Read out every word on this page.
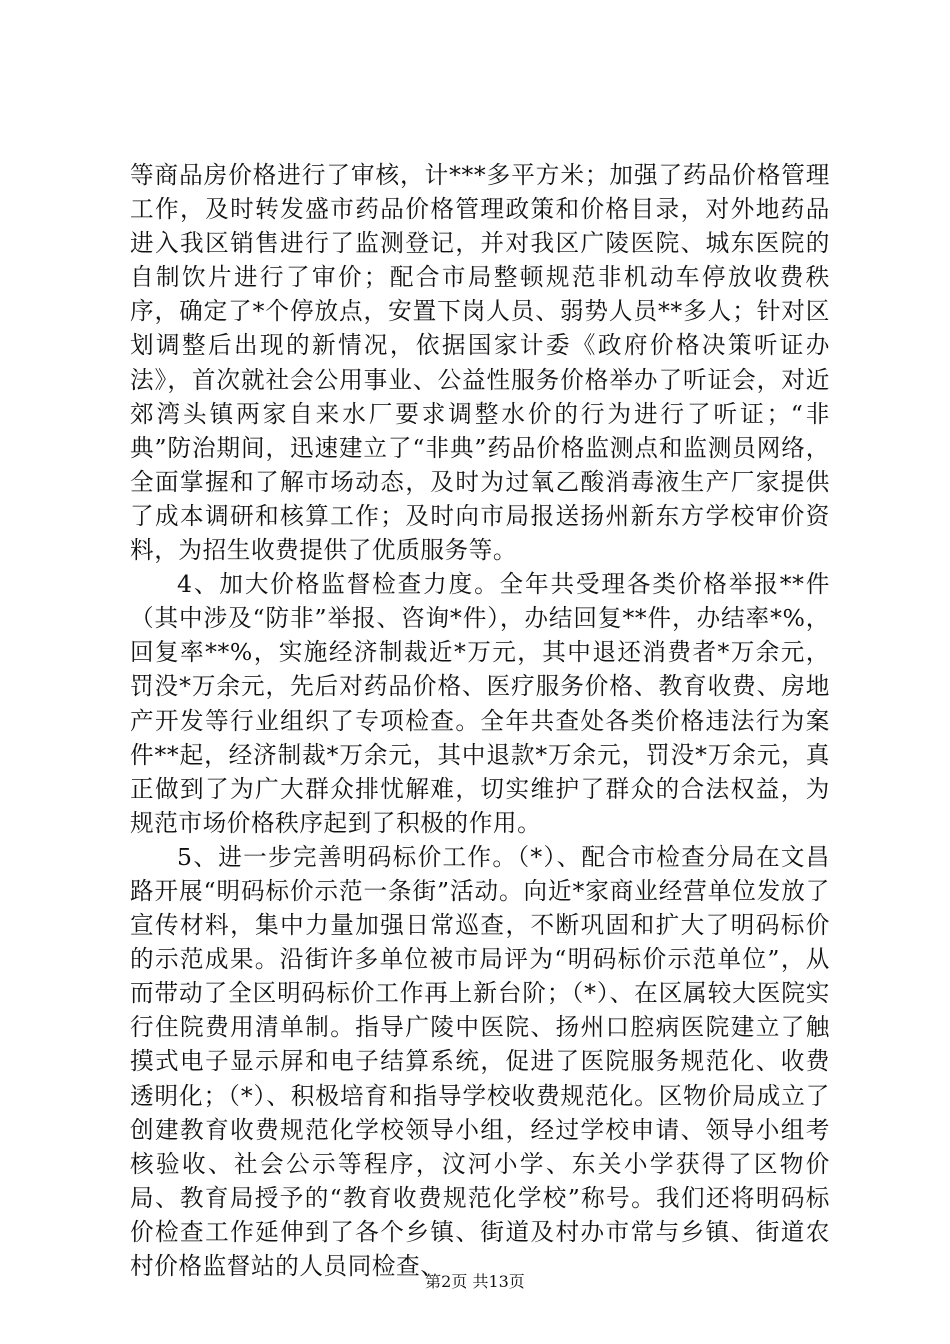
等商品房价格进行了审核，计***多平方米；加强了药品价格管理工作，及时转发盛市药品价格管理政策和价格目录，对外地药品进入我区销售进行了监测登记，并对我区广陵医院、城东医院的自制饮片进行了审价；配合市局整顿规范非机动车停放收费秩序，确定了*个停放点，安置下岗人员、弱势人员**多人；针对区划调整后出现的新情况，依据国家计委《政府价格决策听证办法》，首次就社会公用事业、公益性服务价格举办了听证会，对近郊湾头镇两家自来水厂要求调整水价的行为进行了听证；“非典”防治期间，迅速建立了“非典”药品价格监测点和监测员网络，全面掌握和了解市场动态，及时为过氧乙酸消毒液生产厂家提供了成本调研和核算工作；及时向市局报送扬州新东方学校审价资料，为招生收费提供了优质服务等。

4、加大价格监督检查力度。全年共受理各类价格举报**件（其中涉及“防非”举报、咨询*件），办结回复**件，办结率*%，回复率**%，实施经济制裁近*万元，其中退还消费者*万余元，罚没*万余元，先后对药品价格、医疗服务价格、教育收费、房地产开发等行业组织了专项检查。全年共查处各类价格违法行为案件**起，经济制裁*万余元，其中退款*万余元，罚没*万余元，真正做到了为广大群众排忧解难，切实维护了群众的合法权益，为规范市场价格秩序起到了积极的作用。

5、进一步完善明码标价工作。（*）、配合市检查分局在文昌路开展“明码标价示范一条街”活动。向近*家商业经营单位发放了宣传材料，集中力量加强日常巡查，不断巩固和扩大了明码标价的示范成果。沿街许多单位被市局评为“明码标价示范单位”，从而带动了全区明码标价工作再上新台阶；（*）、在区属较大医院实行住院费用清单制。指导广陵中医院、扬州口腔病医院建立了触摸式电子显示屏和电子结算系统，促进了医院服务规范化、收费透明化；（*）、积极培育和指导学校收费规范化。区物价局成立了创建教育收费规范化学校领导小组，经过学校申请、领导小组考核验收、社会公示等程序，汶河小学、东关小学获得了区物价局、教育局授予的“教育收费规范化学校”称号。我们还将明码标价检查工作延伸到了各个乡镇、街道及村办市常与乡镇、街道农村价格监督站的人员同检查、

第2页 共13页
